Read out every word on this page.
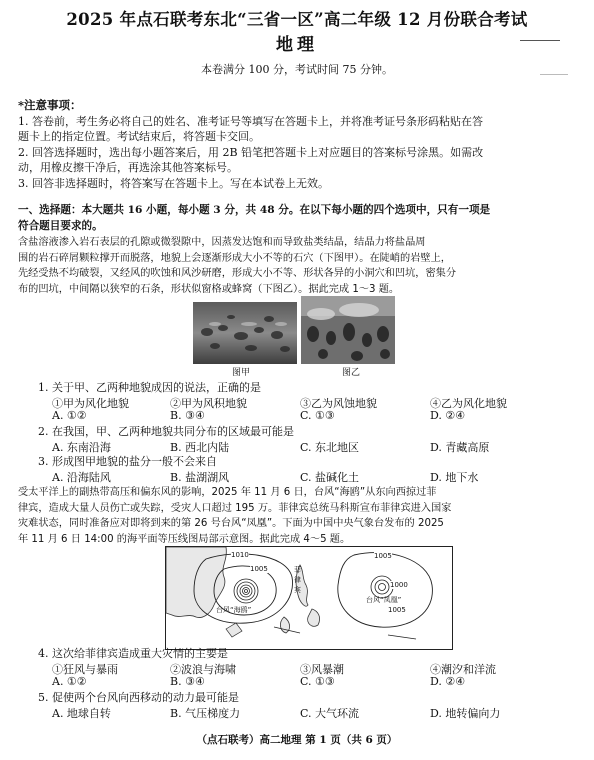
2025 年点石联考东北“三省一区”高二年级 12 月份联合考试
地理
本卷满分 100 分，考试时间 75 分钟。
*注意事项：
1. 答卷前，考生务必将自己的姓名、准考证号等填写在答题卡上，并将准考证号条形码粘贴在答
题卡上的指定位置。考试结束后，将答题卡交回。
2. 回答选择题时，选出每小题答案后，用 2B 铅笔把答题卡上对应题目的答案标号涂黑。如需改
动，用橡皮擦干净后，再选涂其他答案标号。
3. 回答非选择题时，将答案写在答题卡上。写在本试卷上无效。
一、选择题：本大题共 16 小题，每小题 3 分，共 48 分。在以下每小题的四个选项中，只有一项是
符合题目要求的。
含盐溶液渗入岩石表层的孔隙或微裂隙中，因蒸发达饱和而导致盐类结晶，结晶力将盐晶周
围的岩石碎屑颗粒撑开而脱落，地貌上会逐渐形成大小不等的石穴（下图甲）。在陡峭的岩壁上，
先经受热不均破裂，又经风的吹蚀和风沙研磨，形成大小不等、形状各异的小洞穴和凹坑，密集分
布的凹坑，中间隔以狭窄的石条，形状似窗格或蜂窝（下图乙）。据此完成 1～3 题。
图甲	图乙
1. 关于甲、乙两种地貌成因的说法，正确的是
①甲为风化地貌	②甲为风积地貌	③乙为风蚀地貌	④乙为风化地貌
A. ①②	B. ③④	C. ①③	D. ②④
2. 在我国，甲、乙两种地貌共同分布的区域最可能是
A. 东南沿海	B. 西北内陆	C. 东北地区	D. 青藏高原
3. 形成图甲地貌的盐分一般不会来自
A. 沿海陆风	B. 盐湖湖风	C. 盐碱化土	D. 地下水
受太平洋上的副热带高压和偏东风的影响，2025 年 11 月 6 日，台风“海鸥”从东向西掠过菲
律宾，造成大量人员伤亡或失踪，受灾人口超过 195 万。菲律宾总统马科斯宣布菲律宾进入国家
灾难状态，同时准备应对即将到来的第 26 号台风“凤凰”。下面为中国中央气象台发布的 2025
年 11 月 6 日 14:00 的海平面等压线图局部示意图。据此完成 4～5 题。
1010
1005
1005
1000
1005
台风“海鸥”
台风“凤凰”
菲
律
宾
4. 这次给菲律宾造成重大灾情的主要是
①狂风与暴雨	②波浪与海啸	③风暴潮	④潮汐和洋流
A. ①②	B. ③④	C. ①③	D. ②④
5. 促使两个台风向西移动的动力最可能是
A. 地球自转	B. 气压梯度力	C. 大气环流	D. 地转偏向力
（点石联考）高二地理 第 1 页（共 6 页）
